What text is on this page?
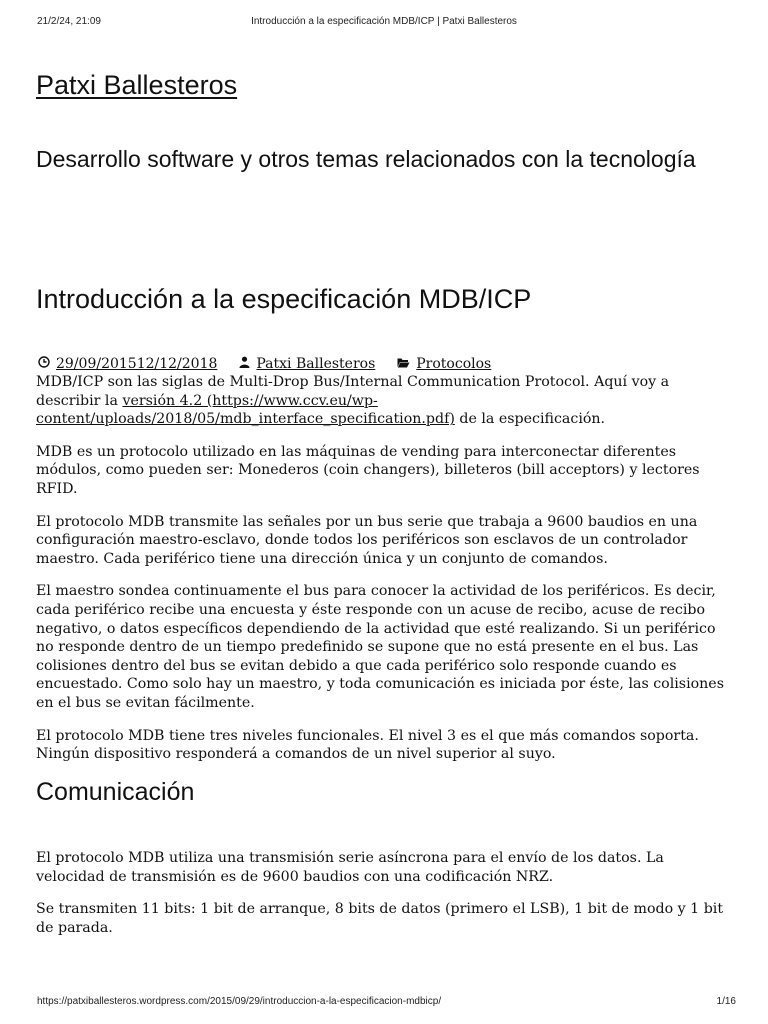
21/2/24, 21:09	Introducción a la especificación MDB/ICP | Patxi Ballesteros
Patxi Ballesteros
Desarrollo software y otros temas relacionados con la tecnología
Introducción a la especificación MDB/ICP
29/09/201512/12/2018	Patxi Ballesteros	Protocolos

MDB/ICP son las siglas de Multi-Drop Bus/Internal Communication Protocol. Aquí voy a describir la versión 4.2 (https://www.ccv.eu/wp-content/uploads/2018/05/mdb_interface_specification.pdf) de la especificación.

MDB es un protocolo utilizado en las máquinas de vending para interconectar diferentes módulos, como pueden ser: Monederos (coin changers), billeteros (bill acceptors) y lectores RFID.

El protocolo MDB transmite las señales por un bus serie que trabaja a 9600 baudios en una configuración maestro-esclavo, donde todos los periféricos son esclavos de un controlador maestro. Cada periférico tiene una dirección única y un conjunto de comandos.

El maestro sondea continuamente el bus para conocer la actividad de los periféricos. Es decir, cada periférico recibe una encuesta y éste responde con un acuse de recibo, acuse de recibo negativo, o datos específicos dependiendo de la actividad que esté realizando. Si un periférico no responde dentro de un tiempo predefinido se supone que no está presente en el bus. Las colisiones dentro del bus se evitan debido a que cada periférico solo responde cuando es encuestado. Como solo hay un maestro, y toda comunicación es iniciada por éste, las colisiones en el bus se evitan fácilmente.

El protocolo MDB tiene tres niveles funcionales. El nivel 3 es el que más comandos soporta. Ningún dispositivo responderá a comandos de un nivel superior al suyo.

Comunicación

El protocolo MDB utiliza una transmisión serie asíncrona para el envío de los datos. La velocidad de transmisión es de 9600 baudios con una codificación NRZ.

Se transmiten 11 bits: 1 bit de arranque, 8 bits de datos (primero el LSB), 1 bit de modo y 1 bit de parada.

https://patxiballesteros.wordpress.com/2015/09/29/introduccion-a-la-especificacion-mdbicp/	1/16
